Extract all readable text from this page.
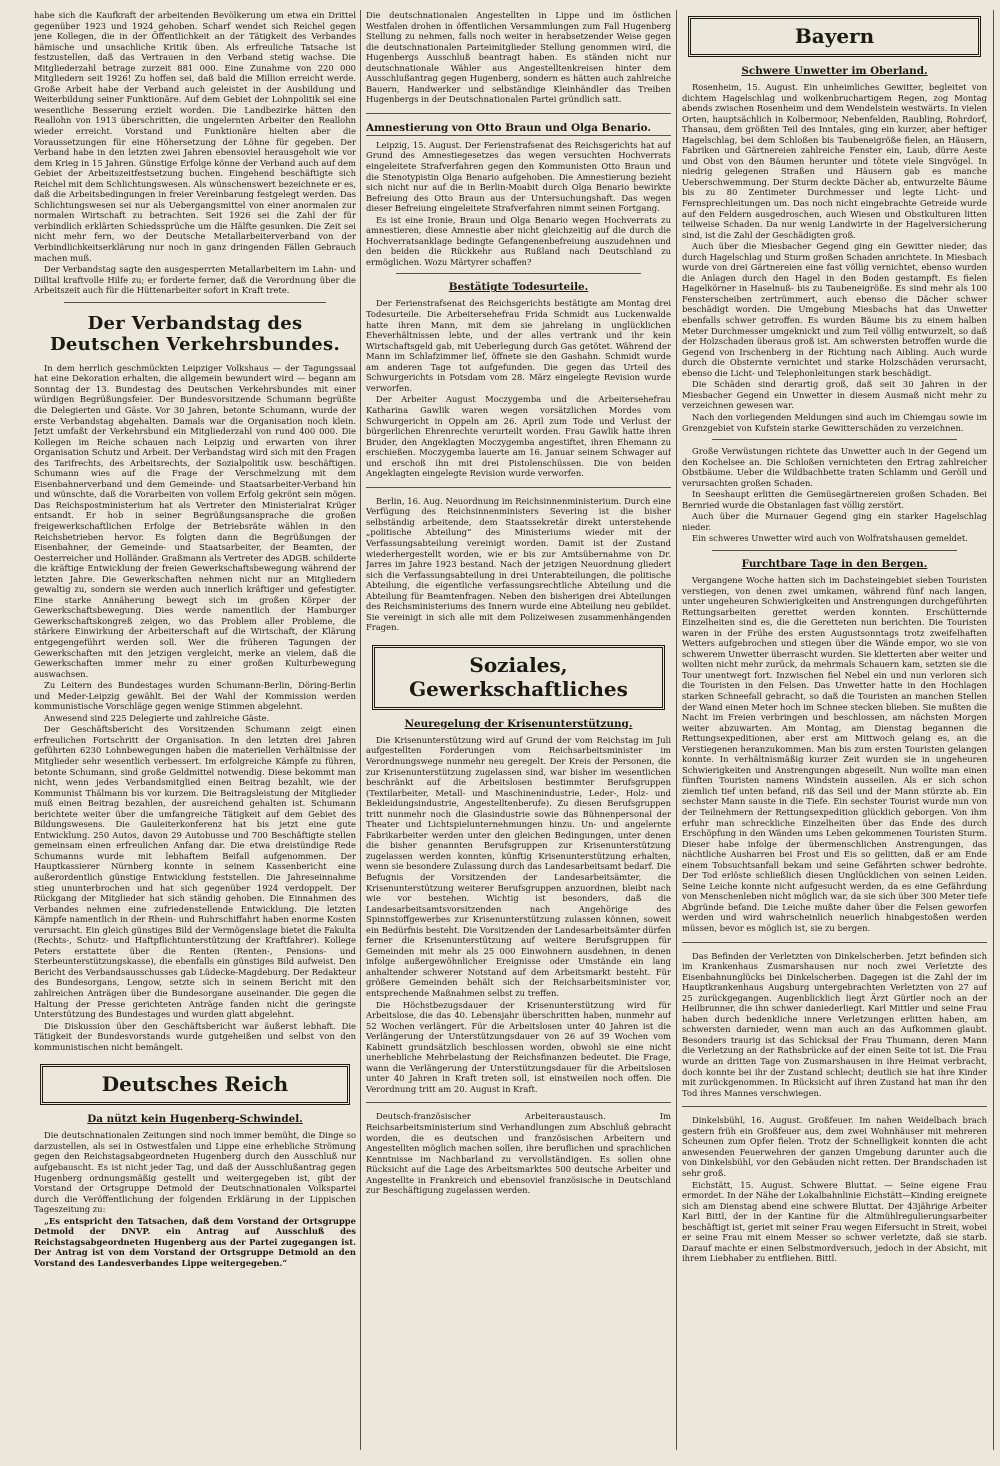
habe sich die Kaufkraft der arbeitenden Bevölkerung um etwa ein Drittel gegenüber 1923 und 1924 gehoben. Scharf wendet sich Reichel gegen jene Kollegen, die in der Öffentlichkeit an der Tätigkeit des Verbandes hämische und unsachliche Kritik üben. Als erfreuliche Tatsache ist festzustellen, daß das Vertrauen in den Verband stetig wachse. Die Mitgliederzahl betrage zurzeit 881 000. Eine Zunahme von 220 000 Mitgliedern seit 1926! Zu hoffen sei, daß bald die Million erreicht werde. Große Arbeit habe der Verband auch geleistet in der Ausbildung und Weiterbildung seiner Funktionäre. Auf dem Gebiet der Lohnpolitik sei eine wesentliche Besserung erzielt worden. Die Landbezirke hätten den Reallohn von 1913 überschritten, die ungelernten Arbeiter den Reallohn wieder erreicht. Vorstand und Funktionäre hielten aber die Voraussetzungen für eine Höhersetzung der Löhne für gegeben. Der Verband habe in den letzten zwei Jahren ebensoviel herausgeholt wie vor dem Krieg in 15 Jahren. Günstige Erfolge könne der Verband auch auf dem Gebiet der Arbeitszeitfestsetzung buchen. Eingehend beschäftigte sich Reichel mit dem Schlichtungswesen. Als wünschenswert bezeichnete er es, daß die Arbeitsbedingungen in freier Vereinbarung festgelegt werden. Das Schlichtungswesen sei nur als Uebergangsmittel von einer anormalen zur normalen Wirtschaft zu betrachten. Seit 1926 sei die Zahl der für verbindlich erklärten Schiedssprüche um die Hälfte gesunken. Die Zeit sei nicht mehr fern, wo der Deutsche Metallarbeiterverband von der Verbindlichkeitserklärung nur noch in ganz dringenden Fällen Gebrauch machen muß.

Der Verbandstag sagte den ausgesperrten Metallarbeitern im Lahn- und Dilltal kraftvolle Hilfe zu; er forderte ferner, daß die Verordnung über die Arbeitszeit auch für die Hüttenarbeiter sofort in Kraft trete.

Der Verbandstag des Deutschen Verkehrsbundes.

In dem herrlich geschmückten Leipziger Volkshaus — der Tagungssaal hat eine Dekoration erhalten, die allgemein bewundert wird — begann am Sonntag der 13. Bundestag des Deutschen Verkehrsbundes mit einer würdigen Begrüßungsfeier. Der Bundesvorsitzende Schumann begrüßte die Delegierten und Gäste. Vor 30 Jahren, betonte Schumann, wurde der erste Verbandstag abgehalten. Damals war die Organisation noch klein. Jetzt umfaßt der Verkehrsbund ein Mitgliederzahl von rund 400 000. Die Kollegen im Reiche schauen nach Leipzig und erwarten von ihrer Organisation Schutz und Arbeit. Der Verbandstag wird sich mit den Fragen des Tarifrechts, des Arbeitsrechts, der Sozialpolitik usw. beschäftigen. Schumann wies auf die Frage der Verschmelzung mit dem Eisenbahnerverband und dem Gemeinde- und Staatsarbeiter-Verband hin und wünschte, daß die Vorarbeiten von vollem Erfolg gekrönt sein mögen. Das Reichspostministerium hat als Vertreter den Ministerialrat Krüger entsandt. Er hob in seiner Begrüßungsansprache die großen freigewerkschaftlichen Erfolge der Betriebsräte wählen in den Reichsbetrieben hervor. Es folgten dann die Begrüßungen der Eisenbahner, der Gemeinde- und Staatsarbeiter, der Beamten, der Oesterreicher und Holländer. Graßmann als Vertreter des ADGB. schilderte die kräftige Entwicklung der freien Gewerkschaftsbewegung während der letzten Jahre. Die Gewerkschaften nehmen nicht nur an Mitgliedern gewaltig zu, sondern sie werden auch innerlich kräftiger und gefestigter. Eine starke Annäherung bewegt sich im großen Körper der Gewerkschaftsbewegung. Dies werde namentlich der Hamburger Gewerkschaftskongreß zeigen, wo das Problem aller Probleme, die stärkere Einwirkung der Arbeiterschaft auf die Wirtschaft, der Klärung entgegengeführt werden soll. Wer die früheren Tagungen der Gewerkschaften mit den jetzigen vergleicht, merke an vielem, daß die Gewerkschaften immer mehr zu einer großen Kulturbewegung auswachsen.

Zu Leitern des Bundestages wurden Schumann-Berlin, Döring-Berlin und Meder-Leipzig gewählt. Bei der Wahl der Kommission werden kommunistische Vorschläge gegen wenige Stimmen abgelehnt.

Anwesend sind 225 Delegierte und zahlreiche Gäste.

Der Geschäftsbericht des Vorsitzenden Schumann zeigt einen erfreulichen Fortschritt der Organisation. In den letzten drei Jahren geführten 6230 Lohnbewegungen haben die materiellen Verhältnisse der Mitglieder sehr wesentlich verbessert. Im erfolgreiche Kämpfe zu führen, betonte Schumann, sind große Geldmittel notwendig. Diese bekommt man nicht, wenn jedes Verbandsmitglied einen Beitrag bezahlt, wie der Kommunist Thälmann bis vor kurzem. Die Beitragsleistung der Mitglieder muß einen Beitrag bezahlen, der ausreichend gehalten ist. Schumann berichtete weiter über die umfangreiche Tätigkeit auf dem Gebiet des Bildungswesens. Die Gauleiterkonferenz hat bis jetzt eine gute Entwicklung. 250 Autos, davon 29 Autobusse und 700 Beschäftigte stellen gemeinsam einen erfreulichen Anfang dar. Die etwa dreistündige Rede Schumanns wurde mit lebhaftem Beifall aufgenommen. Der Hauptkassierer Nürnberg konnte in seinem Kassenbericht eine außerordentlich günstige Entwicklung feststellen. Die Jahreseinnahme stieg ununterbrochen und hat sich gegenüber 1924 verdoppelt. Der Rückgang der Mitglieder hat sich ständig gehoben. Die Einnahmen des Verbandes nehmen eine zufriedenstellende Entwicklung. Die letzten Kämpfe namentlich in der Rhein- und Ruhrschiffahrt haben enorme Kosten verursacht. Ein gleich günstiges Bild der Vermögenslage bietet die Fakulta (Rechts-, Schutz- und Haftpflichtunterstützung der Kraftfahrer). Kollege Peters erstattete über die Renten (Renten-, Pensions- und Sterbeunterstützungskasse), die ebenfalls ein günstiges Bild aufweist. Den Bericht des Verbandsausschusses gab Lüdecke-Magdeburg. Der Redakteur des Bundesorgans, Lengow, setzte sich in seinem Bericht mit den zahlreichen Anträgen über die Bundesorgane auseinander. Die gegen die Haltung der Presse gerichteten Anträge fanden nicht die geringste Unterstützung des Bundestages und wurden glatt abgelehnt.

Die Diskussion über den Geschäftsbericht war äußerst lebhaft. Die Tätigkeit der Bundesvorstands wurde gutgeheißen und selbst von den kommunistischen nicht bemängelt.

Deutsches Reich
Da nützt kein Hugenberg-Schwindel.

Die deutschnationalen Zeitungen sind noch immer bemüht, die Dinge so darzustellen, als sei in Ostwestfalen und Lippe eine erhebliche Strömung gegen den Reichstagsabgeordneten Hugenberg durch den Ausschluß nur aufgebauscht. Es ist nicht jeder Tag, und daß der Ausschlußantrag gegen Hugenberg ordnungsmäßig gestellt und weitergegeben ist, gibt der Vorstand der Ortsgruppe Detmold der Deutschnationalen Volkspartei durch die Veröffentlichung der folgenden Erklärung in der Lippischen Tageszeitung zu:

„Es entspricht den Tatsachen, daß dem Vorstand der Ortsgruppe Detmold der DNVP. ein Antrag auf Ausschluß des Reichstagsabgeordneten Hugenberg aus der Partei zugegangen ist. Der Antrag ist von dem Vorstand der Ortsgruppe Detmold an den Vorstand des Landesverbandes Lippe weitergegeben.“

Die deutschnationalen Angestellten in Lippe und im östlichen Westfalen drohen in öffentlichen Versammlungen zum Fall Hugenberg Stellung zu nehmen, falls noch weiter in herabsetzender Weise gegen die deutschnationalen Parteimitglieder Stellung genommen wird, die Hugenbergs Ausschluß beantragt haben. Es ständen nicht nur deutschnationale Wähler aus Angestelltenkreisen hinter dem Ausschlußantrag gegen Hugenberg, sondern es hätten auch zahlreiche Bauern, Handwerker und selbständige Kleinhändler das Treiben Hugenbergs in der Deutschnationalen Partei gründlich satt.

Amnestierung von Otto Braun und Olga Benario.

Leipzig, 15. August. Der Ferienstrafsenat des Reichsgerichts hat auf Grund des Amnestiegesetzes das wegen versuchten Hochverrats eingeleitete Strafverfahren gegen den Kommunisten Otto Braun und die Stenotypistin Olga Benario aufgehoben. Die Amnestierung bezieht sich nicht nur auf die in Berlin-Moabit durch Olga Benario bewirkte Befreiung des Otto Braun aus der Untersuchungshaft. Das wegen dieser Befreiung eingeleitete Strafverfahren nimmt seinen Fortgang.

Es ist eine Ironie, Braun und Olga Benario wegen Hochverrats zu amnestieren, diese Amnestie aber nicht gleichzeitig auf die durch die Hochverratsanklage bedingte Gefangenenbefreiung auszudehnen und den beiden die Rückkehr aus Rußland nach Deutschland zu ermöglichen. Wozu Märtyrer schaffen?

Bestätigte Todesurteile.

Der Ferienstrafsenat des Reichsgerichts bestätigte am Montag drei Todesurteile. Die Arbeitersehefrau Frida Schmidt aus Luckenwalde hatte ihren Mann, mit dem sie jahrelang in unglücklichen Eheverhältnissen lebte, und der alles vertrank und ihr kein Wirtschaftsgeld gab, mit Ueberlegung durch Gas getötet. Während der Mann im Schlafzimmer lief, öffnete sie den Gashahn. Schmidt wurde am anderen Tage tot aufgefunden. Die gegen das Urteil des Schwurgerichts in Potsdam vom 28. März eingelegte Revision wurde verworfen.

Der Arbeiter August Moczygemba und die Arbeitersehefrau Katharina Gawlik waren wegen vorsätzlichen Mordes vom Schwurgericht in Oppeln am 26. April zum Tode und Verlust der bürgerlichen Ehrenrechte verurteilt worden. Frau Gawlik hatte ihren Bruder, den Angeklagten Moczygemba angestiftet, ihren Ehemann zu erschießen. Moczygemba lauerte am 16. Januar seinem Schwager auf und erschoß ihn mit drei Pistolenschüssen. Die von beiden Angeklagten eingelegte Revision wurde verworfen.

Berlin, 16. Aug. Neuordnung im Reichsinnenministerium. Durch eine Verfügung des Reichsinnenministers Severing ist die bisher selbständig arbeitende, dem Staatssekretär direkt unterstehende „politische Abteilung“ des Ministeriums wieder mit der Verfassungsabteilung vereinigt worden. Damit ist der Zustand wiederhergestellt worden, wie er bis zur Amtsübernahme von Dr. Jarres im Jahre 1923 bestand. Nach der jetzigen Neuordnung gliedert sich die Verfassungsabteilung in drei Unterabteilungen, die politische Abteilung, die eigentliche verfassungsrechtliche Abteilung und die Abteilung für Beamtenfragen. Neben den bisherigen drei Abteilungen des Reichsministeriums des Innern wurde eine Abteilung neu gebildet. Sie vereinigt in sich alle mit dem Polizeiwesen zusammenhängenden Fragen.

Soziales, Gewerkschaftliches
Neuregelung der Krisenunterstützung.

Die Krisenunterstützung wird auf Grund der vom Reichstag im Juli aufgestellten Forderungen vom Reichsarbeitsminister im Verordnungswege nunmehr neu geregelt. Der Kreis der Personen, die zur Krisenunterstützung zugelassen sind, war bisher im wesentlichen beschränkt auf die Arbeitslosen bestimmter Berufsgruppen (Textilarbeiter, Metall- und Maschinenindustrie, Leder-, Holz- und Bekleidungsindustrie, Angestelltenberufe). Zu diesen Berufsgruppen tritt nunmehr noch die Glasindustrie sowie das Bühnenpersonal der Theater und Lichtspielunternehmungen hinzu. Un- und angelernte Fabrikarbeiter werden unter den gleichen Bedingungen, unter denen die bisher genannten Berufsgruppen zur Krisenunterstützung zugelassen werden konnten, künftig Krisenunterstützung erhalten, wenn sie besondere Zulassung durch das Landesarbeitsamt bedarf. Die Befugnis der Vorsitzenden der Landesarbeitsämter, die Krisenunterstützung weiterer Berufsgruppen anzuordnen, bleibt nach wie vor bestehen. Wichtig ist besonders, daß die Landesarbeitsamtsvorsitzenden nach Angehörige des Spinnstoffgewerbes zur Krisenunterstützung zulassen können, soweit ein Bedürfnis besteht. Die Vorsitzenden der Landesarbeitsämter dürfen ferner die Krisenunterstützung auf weitere Berufsgruppen für Gemeinden mit mehr als 25 000 Einwohnern ausdehnen, in denen infolge außergewöhnlicher Ereignisse oder Umstände ein lang anhaltender schwerer Notstand auf dem Arbeitsmarkt besteht. Für größere Gemeinden behält sich der Reichsarbeitsminister vor, entsprechende Maßnahmen selbst zu treffen.

Die Höchstbezugsdauer der Krisenunterstützung wird für Arbeitslose, die das 40. Lebensjahr überschritten haben, nunmehr auf 52 Wochen verlängert. Für die Arbeitslosen unter 40 Jahren ist die Verlängerung der Unterstützungsdauer von 26 auf 39 Wochen vom Kabinett grundsätzlich beschlossen worden, obwohl sie eine nicht unerhebliche Mehrbelastung der Reichsfinanzen bedeutet. Die Frage, wann die Verlängerung der Unterstützungsdauer für die Arbeitslosen unter 40 Jahren in Kraft treten soll, ist einstweilen noch offen. Die Verordnung tritt am 20. August in Kraft.

Deutsch-französischer Arbeiteraustausch. Im Reichsarbeitsministerium sind Verhandlungen zum Abschluß gebracht worden, die es deutschen und französischen Arbeitern und Angestellten möglich machen sollen, ihre beruflichen und sprachlichen Kenntnisse im Nachbarland zu vervollständigen. Es sollen ohne Rücksicht auf die Lage des Arbeitsmarktes 500 deutsche Arbeiter und Angestellte in Frankreich und ebensoviel französische in Deutschland zur Beschäftigung zugelassen werden.

Bayern
Schwere Unwetter im Oberland.

Rosenheim, 15. August. Ein unheimliches Gewitter, begleitet von dichtem Hagelschlag und wolkenbruchartigem Regen, zog Montag abends zwischen Rosenheim und dem Wendelstein westwärts. In vielen Orten, hauptsächlich in Kolbermoor, Nebenfelden, Raubling, Rohrdorf, Thansau, dem größten Teil des Inntales, ging ein kurzer, aber heftiger Hagelschlag, bei dem Schloßen bis Taubeneigröße fielen, an Häusern, Fabriken und Gärtnereien zahlreiche Fenster ein, Laub, dürre Aeste und Obst von den Bäumen herunter und tötete viele Singvögel. In niedrig gelegenen Straßen und Häusern gab es manche Ueberschwemmung. Der Sturm deckte Dächer ab, entwurzelte Bäume bis zu 80 Zentimeter Durchmesser und legte Licht- und Fernsprechleitungen um. Das noch nicht eingebrachte Getreide wurde auf den Feldern ausgedroschen, auch Wiesen und Obstkulturen litten teilweise Schaden. Da nur wenig Landwirte in der Hagelversicherung sind, ist die Zahl der Geschädigten groß.

Auch über die Miesbacher Gegend ging ein Gewitter nieder, das durch Hagelschlag und Sturm großen Schaden anrichtete. In Miesbach wurde von drei Gärtnereien eine fast völlig vernichtet, ebenso wurden die Anlagen durch den Hagel in den Boden gestampft. Es fielen Hagelkörner in Haselnuß- bis zu Taubeneigröße. Es sind mehr als 100 Fensterscheiben zertrümmert, auch ebenso die Dächer schwer beschädigt worden. Die Umgebung Miesbachs hat das Unwetter ebenfalls schwer getroffen. Es wurden Bäume bis zu einem halben Meter Durchmesser umgeknickt und zum Teil völlig entwurzelt, so daß der Holzschaden überaus groß ist. Am schwersten betroffen wurde die Gegend von Irschenberg in der Richtung nach Aibling. Auch wurde durch die Obsternte vernichtet und starke Holzschäden verursacht, ebenso die Licht- und Telephonleitungen stark beschädigt.

Die Schäden sind derartig groß, daß seit 30 Jahren in der Miesbacher Gegend ein Unwetter in diesem Ausmaß nicht mehr zu verzeichnen gewesen war.

Nach den vorliegenden Meldungen sind auch im Chiemgau sowie im Grenzgebiet von Kufstein starke Gewitterschäden zu verzeichnen.

Große Verwüstungen richtete das Unwetter auch in der Gegend um den Kochelsee an. Die Schloßen vernichteten den Ertrag zahlreicher Obstbäume. Ueber die Wildbachbette traten Schlamm und Geröll und verursachten großen Schaden.

In Seeshaupt erlitten die Gemüsegärtnereien großen Schaden. Bei Bernried wurde die Obstanlagen fast völlig zerstört.

Auch über die Murnauer Gegend ging ein starker Hagelschlag nieder.

Ein schweres Unwetter wird auch von Wolfratshausen gemeldet.

Furchtbare Tage in den Bergen.

Vergangene Woche hatten sich im Dachsteingebiet sieben Touristen verstiegen, von denen zwei umkamen, während fünf nach langen, unter ungeheuren Schwierigkeiten und Anstrengungen durchgeführten Rettungsarbeiten gerettet werden konnten. Erschütternde Einzelheiten sind es, die die Geretteten nun berichten. Die Touristen waren in der Frühe des ersten Augustsonntags trotz zweifelhaften Wetters aufgebrochen und stiegen über die Wände empor, wo sie von schwerem Unwetter überrascht wurden. Sie kletterten aber weiter und wollten nicht mehr zurück, da mehrmals Schauern kam, setzten sie die Tour unentwegt fort. Inzwischen fiel Nebel ein und nun verloren sich die Touristen in den Felsen. Das Unwetter hatte in den Hochlagen starken Schneefall gebracht, so daß die Touristen an manchen Stellen der Wand einen Meter hoch im Schnee stecken blieben. Sie mußten die Nacht im Freien verbringen und beschlossen, am nächsten Morgen weiter abzuwarten. Am Montag, am Dienstag begannen die Rettungsexpeditionen, aber erst am Mittwoch gelang es, an die Verstiegenen heranzukommen. Man bis zum ersten Touristen gelangen konnte. In verhältnismäßig kurzer Zeit wurden sie in ungeheuren Schwierigkeiten und Anstrengungen abgeseilt. Nun wollte man einen fünften Touristen namens Windstein ausseilen. Als er sich schon ziemlich tief unten befand, riß das Seil und der Mann stürzte ab. Ein sechster Mann sauste in die Tiefe. Ein sechster Tourist wurde nun von der Teilnehmern der Rettungsexpedition glücklich geborgen. Von ihm erfuhr man schreckliche Einzelheiten über das Ende des durch Erschöpfung in den Wänden ums Leben gekommenen Touristen Sturm. Dieser habe infolge der übermenschlichen Anstrengungen, das nächtliche Ausharren bei Frost und Eis so gelitten, daß er am Ende einem Tobsuchtsanfall bekam und seine Gefährten schwer bedrohte. Der Tod erlöste schließlich diesen Unglücklichen von seinen Leiden. Seine Leiche konnte nicht aufgesucht werden, da es eine Gefährdung von Menschenleben nicht möglich war, da sie sich über 300 Meter tiefe Abgründe befand. Die Leiche mußte daher über die Felsen geworfen werden und wird wahrscheinlich neuerlich hinabgestoßen werden müssen, bevor es möglich ist, sie zu bergen.

Das Befinden der Verletzten von Dinkelscherben. Jetzt befinden sich im Krankenhaus Zusmarshausen nur noch zwei Verletzte des Eisenbahnunglücks bei Dinkelscherben. Dagegen ist die Zahl der im Hauptkrankenhaus Augsburg untergebrachten Verletzten von 27 auf 25 zurückgegangen. Augenblicklich liegt Ärzt Gürtler noch an der Heilbrunner, die ihn schwer daniederliegt. Karl Mittler und seine Frau haben durch bedenkliche innere Verletzungen erlitten haben, am schwersten darnieder, wenn man auch an das Aufkommen glaubt. Besonders traurig ist das Schicksal der Frau Thumann, deren Mann die Verletzung an der Rathsbrücke auf der einen Seite tot ist. Die Frau wurde an dritten Tage von Zusmarshausen in ihre Heimat verbracht, doch konnte bei ihr der Zustand schlecht; deutlich sie hat ihre Kinder mit zurückgenommen. In Rücksicht auf ihren Zustand hat man ihr den Tod ihres Mannes verschwiegen.

Dinkelsbühl, 16. August. Großfeuer. Im nahen Weidelbach brach gestern früh ein Großfeuer aus, dem zwei Wohnhäuser mit mehreren Scheunen zum Opfer fielen. Trotz der Schnelligkeit konnten die acht anwesenden Feuerwehren der ganzen Umgebung darunter auch die von Dinkelsbühl, vor den Gebäuden nicht retten. Der Brandschaden ist sehr groß.

Eichstätt, 15. August. Schwere Bluttat. — Seine eigene Frau ermordet. In der Nähe der Lokalbahnlinie Eichstätt—Kinding ereignete sich am Dienstag abend eine schwere Bluttat. Der 43jährige Arbeiter Karl Bittl, der in der Kantine für die Altmühlregulierungsarbeiter beschäftigt ist, geriet mit seiner Frau wegen Eifersucht in Streit, wobei er seine Frau mit einem Messer so schwer verletzte, daß sie starb. Darauf machte er einen Selbstmordversuch, jedoch in der Absicht, mit ihrem Liebhaber zu entfliehen. Bittl.
